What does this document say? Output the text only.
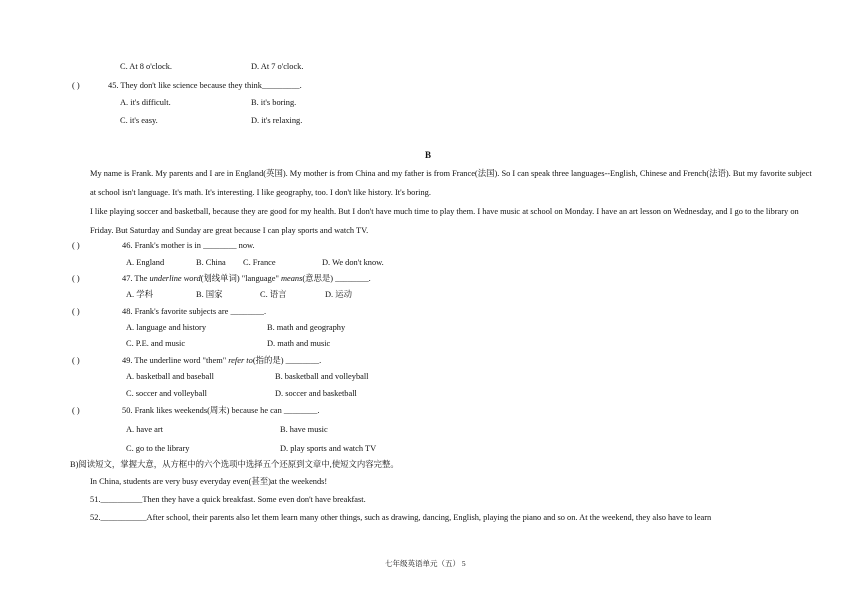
C. At 8 o'clock.	D. At 7 o'clock.
( )	45. They don't like science because they think_________.
A. it's difficult.	B. it's boring.
C. it's easy.	D. it's relaxing.
B
My name is Frank. My parents and I are in England(英国). My mother is from China and my father is from France(法国). So I can speak three languages--English, Chinese and French(法语). But my favorite subject at school isn't language. It's math. It's interesting. I like geography, too. I don't like history. It's boring.
I like playing soccer and basketball, because they are good for my health. But I don't have much time to play them. I have music at school on Monday. I have an art lesson on Wednesday, and I go to the library on Friday. But Saturday and Sunday are great because I can play sports and watch TV.
( )	46. Frank's mother is in ________ now.
A. England	B. China C. France	D. We don't know.
( )	47. The underline word(划线单词) "language" means(意思是) ________.
A. 学科	B. 国家	C. 语言	D. 运动
( )	48. Frank's favorite subjects are ________.
A. language and history	B. math and geography
C. P.E. and music	D. math and music
( )	49. The underline word "them" refer to(指的是) ________.
A. basketball and baseball	B. basketball and volleyball
C. soccer and volleyball	D. soccer and basketball
( )	50. Frank likes weekends(周末) because he can ________.
A. have art	B. have music
C. go to the library	D. play sports and watch TV
B)阅读短文，掌握大意，从方框中的六个选项中选择五个还原到文章中,使短文内容完整。
In China, students are very busy everyday even(甚至)at the weekends!
51.__________Then they have a quick breakfast. Some even don't have breakfast.
52.___________After school, their parents also let them learn many other things, such as drawing, dancing, English, playing the piano and so on. At the weekend, they also have to learn
七年级英语单元（五） 5
